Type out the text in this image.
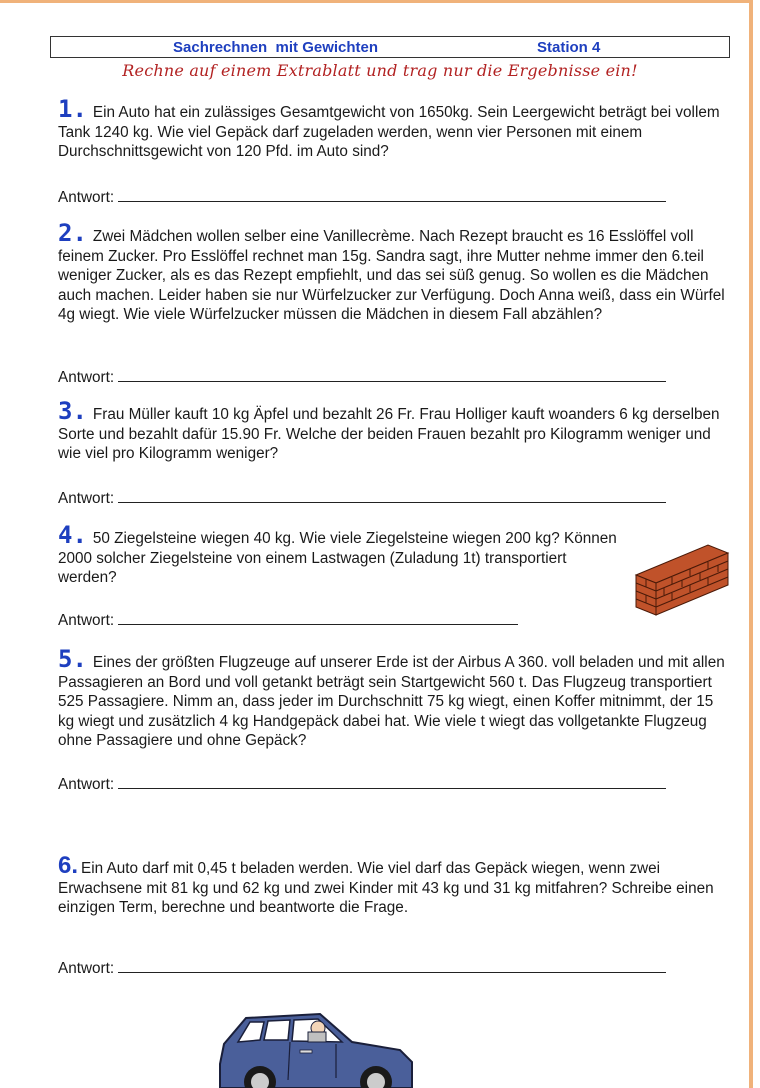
Sachrechnen  mit Gewichten	Station 4
Rechne auf einem Extrablatt und trag nur die Ergebnisse ein!
1. Ein Auto hat ein zulässiges Gesamtgewicht von 1650kg. Sein Leergewicht beträgt bei vollem Tank 1240 kg. Wie viel Gepäck darf zugeladen werden, wenn vier Personen mit einem Durchschnittsgewicht von 120 Pfd. im Auto sind?
Antwort:
2. Zwei Mädchen wollen selber eine Vanillecrème. Nach Rezept braucht es 16 Esslöffel voll feinem Zucker. Pro Esslöffel rechnet man 15g. Sandra sagt, ihre Mutter nehme immer den 6.teil weniger Zucker, als es das Rezept empfiehlt, und das sei süß genug. So wollen es die Mädchen auch machen. Leider haben sie nur Würfelzucker zur Verfügung. Doch Anna weiß, dass ein Würfel 4g wiegt. Wie viele Würfelzucker müssen die Mädchen in diesem Fall abzählen?
Antwort:
3. Frau Müller kauft 10 kg Äpfel und bezahlt 26 Fr. Frau Holliger kauft woanders 6 kg derselben Sorte und bezahlt dafür 15.90 Fr. Welche der beiden Frauen bezahlt pro Kilogramm weniger und wie viel pro Kilogramm weniger?
Antwort:
4. 50 Ziegelsteine wiegen 40 kg. Wie viele Ziegelsteine wiegen 200 kg? Können 2000 solcher Ziegelsteine von einem Lastwagen (Zuladung 1t) transportiert werden?
Antwort:
5. Eines der größten Flugzeuge auf unserer Erde ist der Airbus A 360. voll beladen und mit allen Passagieren an Bord und voll getankt beträgt sein Startgewicht 560 t. Das Flugzeug transportiert 525 Passagiere. Nimm an, dass jeder im Durchschnitt 75 kg wiegt, einen Koffer mitnimmt, der 15 kg wiegt und zusätzlich 4 kg Handgepäck dabei hat. Wie viele t wiegt das vollgetankte Flugzeug ohne Passagiere und ohne Gepäck?
Antwort:
6. Ein Auto darf mit 0,45 t beladen werden. Wie viel darf das Gepäck wiegen, wenn zwei Erwachsene mit 81 kg und 62 kg und zwei Kinder mit 43 kg und 31 kg mitfahren? Schreibe einen einzigen Term, berechne und beantworte die Frage.
Antwort:
